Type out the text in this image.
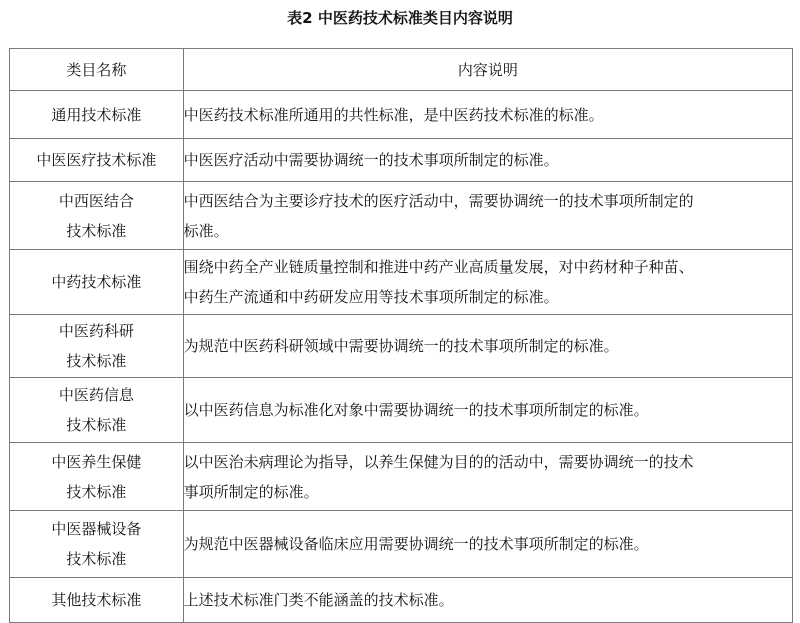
表2 中医药技术标准类目内容说明
类目名称	内容说明

通用技术标准	中医药技术标准所通用的共性标准，是中医药技术标准的标准。

中医医疗技术标准	中医医疗活动中需要协调统一的技术事项所制定的标准。

中西医结合
技术标准	中西医结合为主要诊疗技术的医疗活动中，需要协调统一的技术事项所制定的
标准。

中药技术标准	围绕中药全产业链质量控制和推进中药产业高质量发展，对中药材种子种苗、
中药生产流通和中药研发应用等技术事项所制定的标准。

中医药科研
技术标准	为规范中医药科研领域中需要协调统一的技术事项所制定的标准。

中医药信息
技术标准	以中医药信息为标准化对象中需要协调统一的技术事项所制定的标准。

中医养生保健
技术标准	以中医治未病理论为指导，以养生保健为目的的活动中，需要协调统一的技术
事项所制定的标准。

中医器械设备
技术标准	为规范中医器械设备临床应用需要协调统一的技术事项所制定的标准。

其他技术标准	上述技术标准门类不能涵盖的技术标准。
